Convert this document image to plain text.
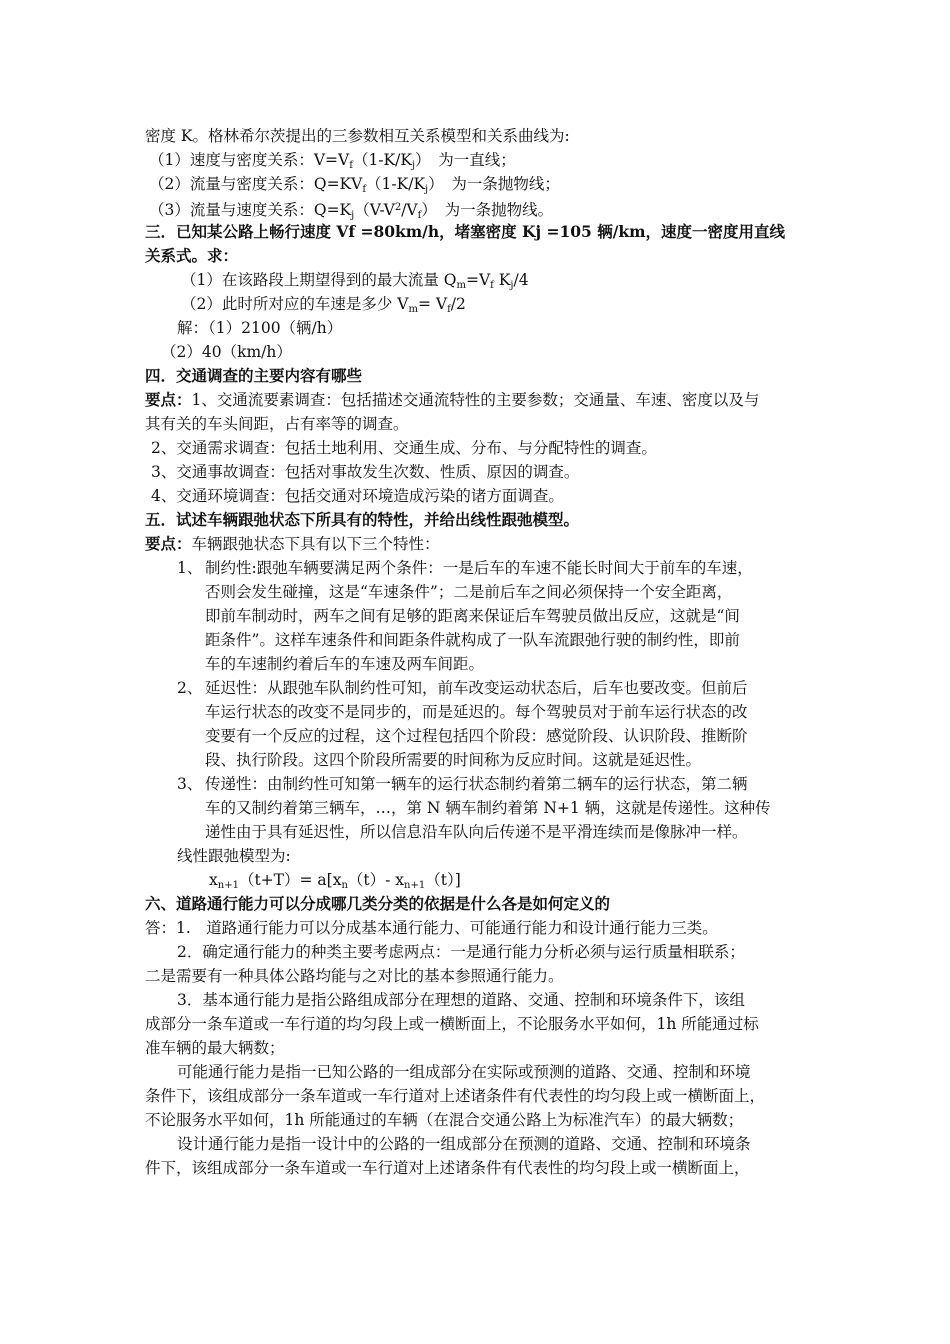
密度 K。格林希尔茨提出的三参数相互关系模型和关系曲线为:
（1）速度与密度关系：$V=V_f(1-K/K_j)$　为一直线；
（2）流量与密度关系：$Q=KV_f(1-K/K_j)$　为一条抛物线；
（3）流量与速度关系：$Q=K_j(V-V^2/V_f)$　为一条抛物线。
三．已知某公路上畅行速度 Vf =80km/h，堵塞密度 Kj =105 辆/km，速度一密度用直线
关系式。求：
（1）在该路段上期望得到的最大流量 $Q_m=V_f$ $K_j/4$
（2）此时所对应的车速是多少 $V_m= V_f/2$
解：（1）2100（辆/h）
（2）40（km/h）
四．交通调查的主要内容有哪些
要点：1、交通流要素调查：包括描述交通流特性的主要参数；交通量、车速、密度以及与
其有关的车头间距，占有率等的调查。
2、交通需求调查：包括土地利用、交通生成、分布、与分配特性的调查。
3、交通事故调查：包括对事故发生次数、性质、原因的调查。
4、交通环境调查：包括交通对环境造成污染的诸方面调查。
五．试述车辆跟弛状态下所具有的特性，并给出线性跟弛模型。
要点：车辆跟弛状态下具有以下三个特性：
1、 制约性:跟弛车辆要满足两个条件：一是后车的车速不能长时间大于前车的车速，
否则会发生碰撞，这是“车速条件”；二是前后车之间必须保持一个安全距离，
即前车制动时，两车之间有足够的距离来保证后车驾驶员做出反应，这就是“间
距条件”。这样车速条件和间距条件就构成了一队车流跟弛行驶的制约性，即前
车的车速制约着后车的车速及两车间距。
2、 延迟性：从跟弛车队制约性可知，前车改变运动状态后，后车也要改变。但前后
车运行状态的改变不是同步的，而是延迟的。每个驾驶员对于前车运行状态的改
变要有一个反应的过程，这个过程包括四个阶段：感觉阶段、认识阶段、推断阶
段、执行阶段。这四个阶段所需要的时间称为反应时间。这就是延迟性。
3、 传递性：由制约性可知第一辆车的运行状态制约着第二辆车的运行状态，第二辆
车的又制约着第三辆车，…，第 N 辆车制约着第 N+1 辆，这就是传递性。这种传
递性由于具有延迟性，所以信息沿车队向后传递不是平滑连续而是像脉冲一样。
线性跟弛模型为:
$x_{n+1}(t+T)= a[x_n(t)-$ $x_{n+1}(t)$]
六、道路通行能力可以分成哪几类分类的依据是什么各是如何定义的
答：1.　道路通行能力可以分成基本通行能力、可能通行能力和设计通行能力三类。
2．确定通行能力的种类主要考虑两点：一是通行能力分析必须与运行质量相联系；
二是需要有一种具体公路均能与之对比的基本参照通行能力。
3．基本通行能力是指公路组成部分在理想的道路、交通、控制和环境条件下，该组
成部分一条车道或一车行道的均匀段上或一横断面上，不论服务水平如何，1h 所能通过标
准车辆的最大辆数；
可能通行能力是指一已知公路的一组成部分在实际或预测的道路、交通、控制和环境
条件下，该组成部分一条车道或一车行道对上述诸条件有代表性的均匀段上或一横断面上，
不论服务水平如何，1h 所能通过的车辆（在混合交通公路上为标准汽车）的最大辆数；
设计通行能力是指一设计中的公路的一组成部分在预测的道路、交通、控制和环境条
件下，该组成部分一条车道或一车行道对上述诸条件有代表性的均匀段上或一横断面上，
